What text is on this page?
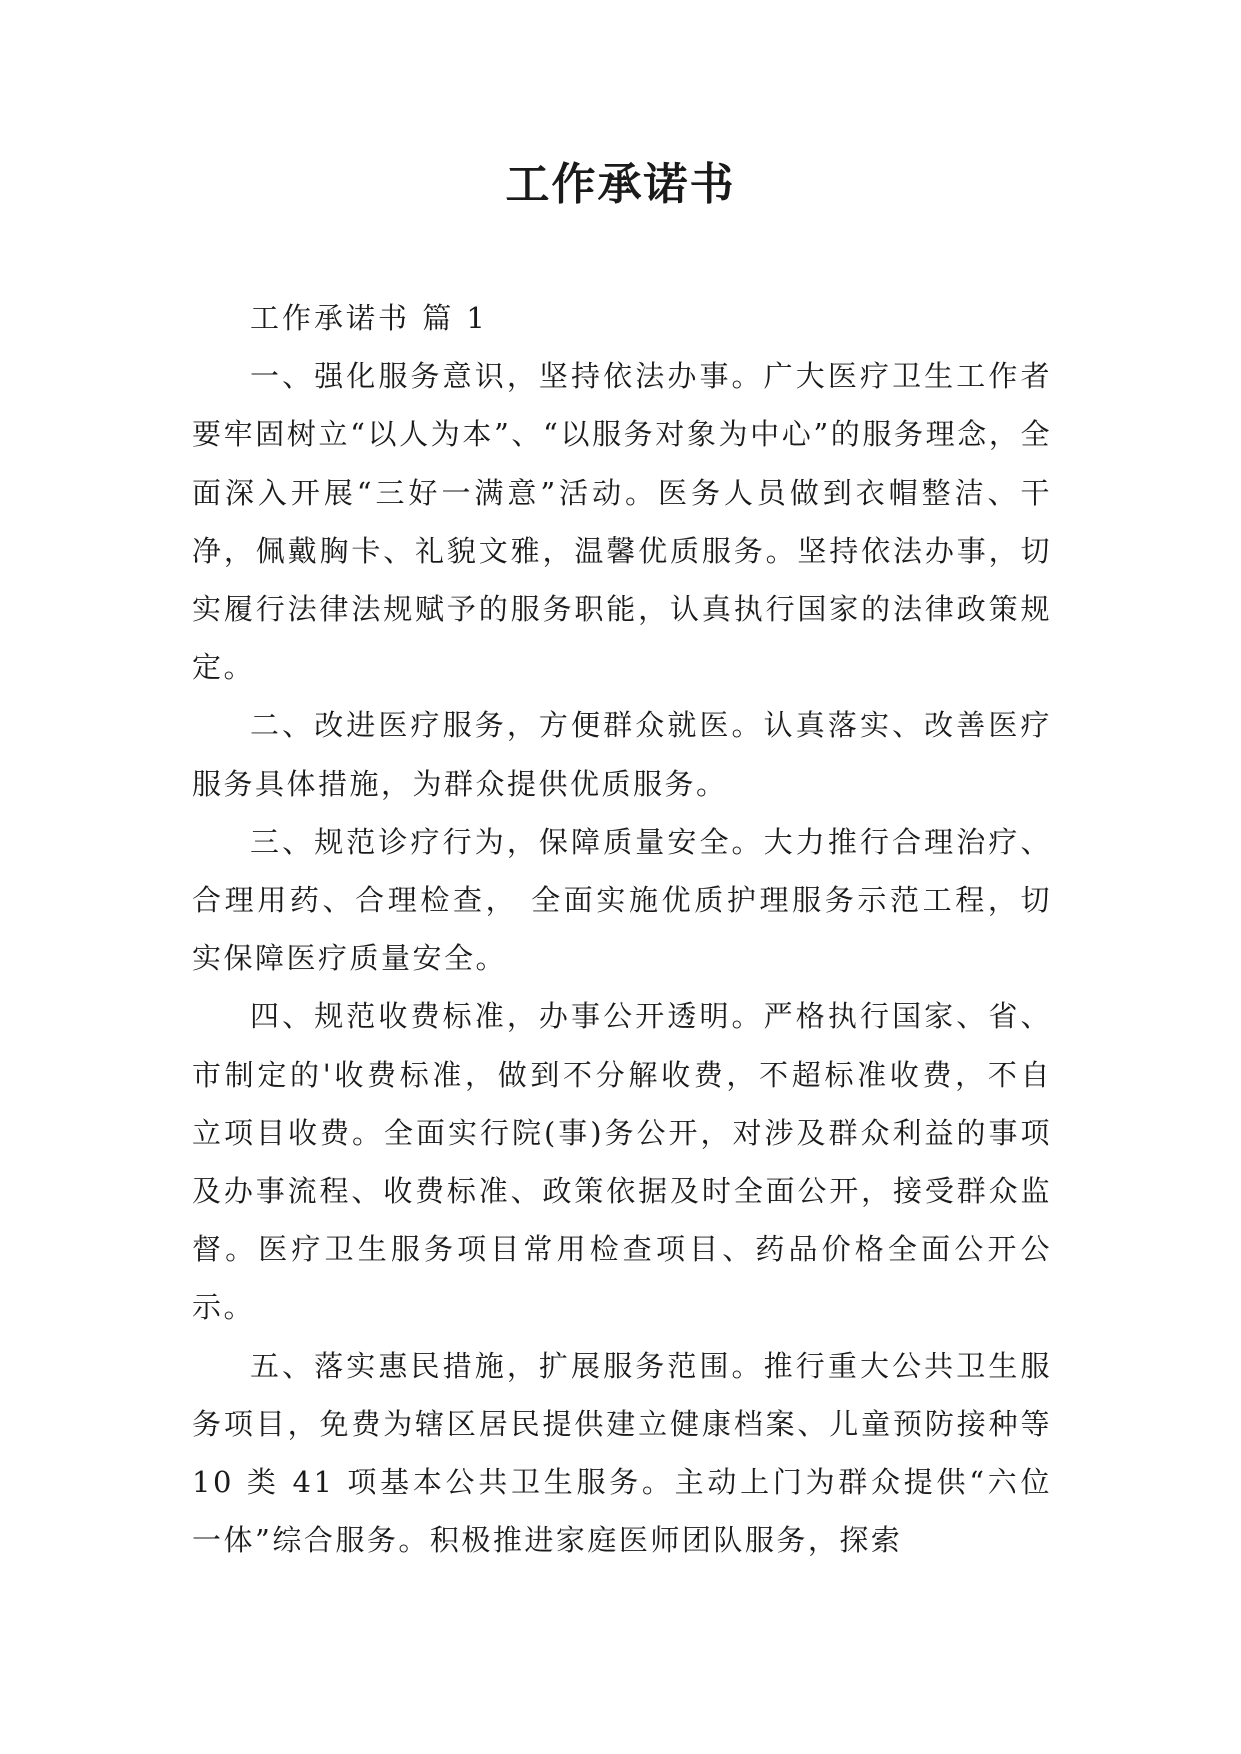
工作承诺书

工作承诺书 篇 1

一、强化服务意识，坚持依法办事。广大医疗卫生工作者要牢固树立“以人为本”、“以服务对象为中心”的服务理念，全面深入开展“三好一满意”活动。医务人员做到衣帽整洁、干净，佩戴胸卡、礼貌文雅，温馨优质服务。坚持依法办事，切实履行法律法规赋予的服务职能，认真执行国家的法律政策规定。

二、改进医疗服务，方便群众就医。认真落实、改善医疗服务具体措施，为群众提供优质服务。

三、规范诊疗行为，保障质量安全。大力推行合理治疗、合理用药、合理检查， 全面实施优质护理服务示范工程，切实保障医疗质量安全。

四、规范收费标准，办事公开透明。严格执行国家、省、市制定的'收费标准，做到不分解收费，不超标准收费，不自立项目收费。全面实行院(事)务公开，对涉及群众利益的事项及办事流程、收费标准、政策依据及时全面公开，接受群众监督。医疗卫生服务项目常用检查项目、药品价格全面公开公示。

五、落实惠民措施，扩展服务范围。推行重大公共卫生服务项目，免费为辖区居民提供建立健康档案、儿童预防接种等 10 类 41 项基本公共卫生服务。主动上门为群众提供“六位一体”综合服务。积极推进家庭医师团队服务，探索
